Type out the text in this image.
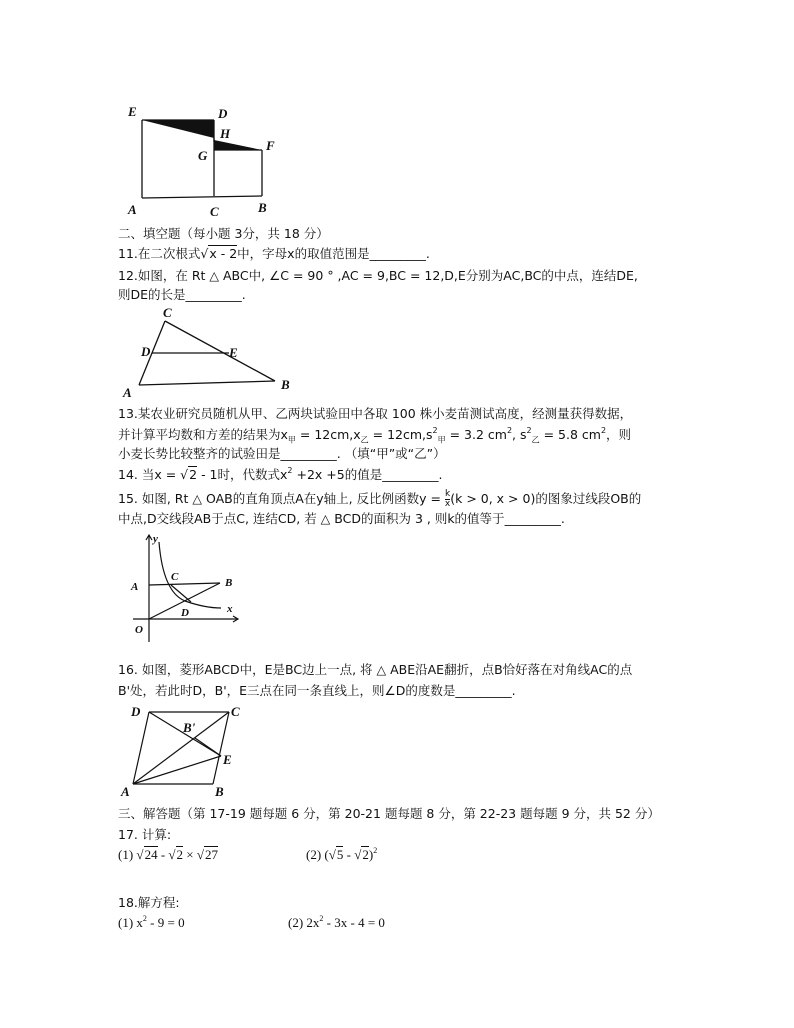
E	D
H
G
F
A	C	B
二、填空题（每小题 3分，共 18 分）
11.在二次根式√x - 2中，字母x的取值范围是_________.
12.如图，在 Rt △ ABC中, ∠C = 90 ° ,AC = 9,BC = 12,D,E分别为AC,BC的中点，连结DE,
则DE的长是_________.
C
D	E
A
B
13.某农业研究员随机从甲、乙两块试验田中各取 100 株小麦苗测试高度，经测量获得数据，
并计算平均数和方差的结果为$x_甲 = 12cm,x_乙 = 12cm,s^2_甲 = 3.2$ $cm^2$, $s^2_乙 = 5.8$ $cm^2$，则
小麦长势比较整齐的试验田是_________. （填“甲”或“乙”）
14. 当x = √2 - 1时，代数式$x^2 +2x +5$的值是_________.
15. 如图, Rt △ OAB的直角顶点A在y轴上, 反比例函数$y = \frac{k}{x} (k > 0$, x > 0)的图象过线段OB的
中点,D交线段AB于点C, 连结CD, 若 △ BCD的面积为 3 , 则k的值等于_________.
y
x
A	B
C
D
O
16. 如图，菱形ABCD中，E是BC边上一点, 将 △ ABE沿AE翻折，点B恰好落在对角线AC的点
B'处，若此时D，B'，E三点在同一条直线上，则∠D的度数是_________.
D	C
B'
E
A	B
三、解答题（第 17-19 题每题 6 分，第 20-21 题每题 8 分，第 22-23 题每题 9 分，共 52 分）
17. 计算:
(1) √24 - √2 × √27	(2) (√5 - √2)$^2$
18.解方程:
(1) $x^2 - 9 = 0$	(2) $2x^2 - 3x - 4 = 0$
